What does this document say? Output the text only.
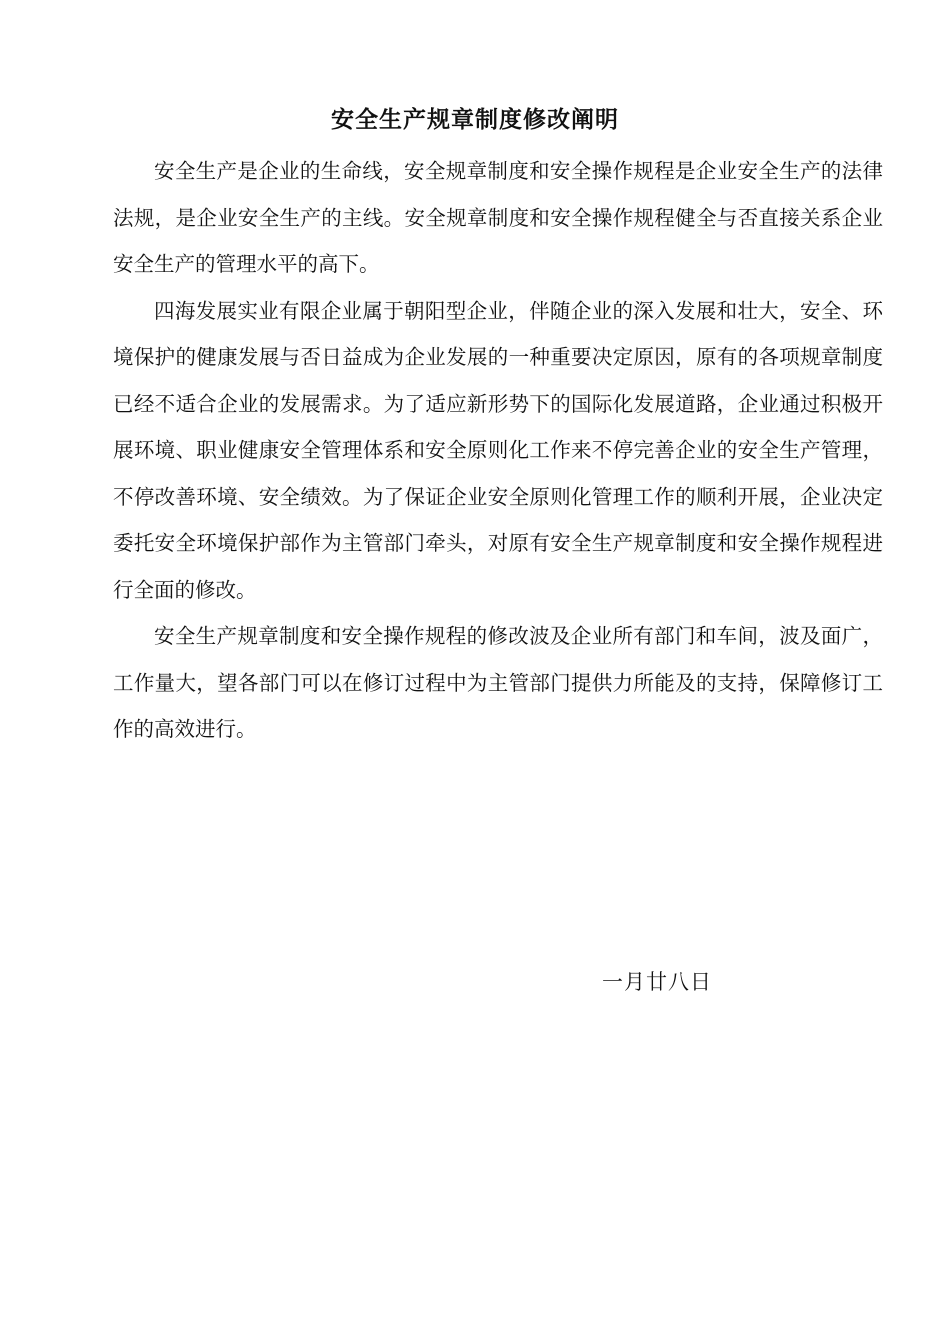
安全生产规章制度修改阐明

安全生产是企业的生命线，安全规章制度和安全操作规程是企业安全生产的法律法规，是企业安全生产的主线。安全规章制度和安全操作规程健全与否直接关系企业安全生产的管理水平的高下。

四海发展实业有限企业属于朝阳型企业，伴随企业的深入发展和壮大，安全、环境保护的健康发展与否日益成为企业发展的一种重要决定原因，原有的各项规章制度已经不适合企业的发展需求。为了适应新形势下的国际化发展道路，企业通过积极开展环境、职业健康安全管理体系和安全原则化工作来不停完善企业的安全生产管理，不停改善环境、安全绩效。为了保证企业安全原则化管理工作的顺利开展，企业决定委托安全环境保护部作为主管部门牵头，对原有安全生产规章制度和安全操作规程进行全面的修改。

安全生产规章制度和安全操作规程的修改波及企业所有部门和车间，波及面广，工作量大，望各部门可以在修订过程中为主管部门提供力所能及的支持，保障修订工作的高效进行。

一月廿八日
